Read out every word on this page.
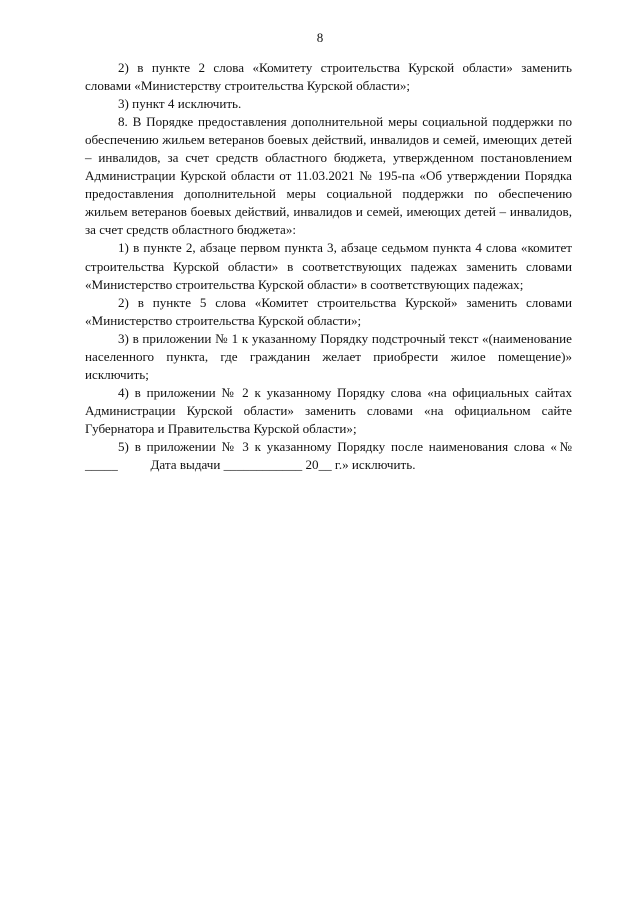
8

2) в пункте 2 слова «Комитету строительства Курской области» заменить словами «Министерству строительства Курской области»;

3) пункт 4 исключить.

8. В Порядке предоставления дополнительной меры социальной поддержки по обеспечению жильем ветеранов боевых действий, инвалидов и семей, имеющих детей – инвалидов, за счет средств областного бюджета, утвержденном постановлением Администрации Курской области от 11.03.2021 № 195-па «Об утверждении Порядка предоставления дополнительной меры социальной поддержки по обеспечению жильем ветеранов боевых действий, инвалидов и семей, имеющих детей – инвалидов, за счет средств областного бюджета»:

1) в пункте 2, абзаце первом пункта 3, абзаце седьмом пункта 4 слова «комитет строительства Курской области» в соответствующих падежах заменить словами «Министерство строительства Курской области» в соответствующих падежах;

2) в пункте 5 слова «Комитет строительства Курской» заменить словами «Министерство строительства Курской области»;

3) в приложении № 1 к указанному Порядку подстрочный текст «(наименование населенного пункта, где гражданин желает приобрести жилое помещение)» исключить;

4) в приложении № 2 к указанному Порядку слова «на официальных сайтах Администрации Курской области» заменить словами «на официальном сайте Губернатора и Правительства Курской области»;

5) в приложении № 3 к указанному Порядку после наименования слова «№ _____          Дата выдачи ____________ 20__ г.» исключить.
